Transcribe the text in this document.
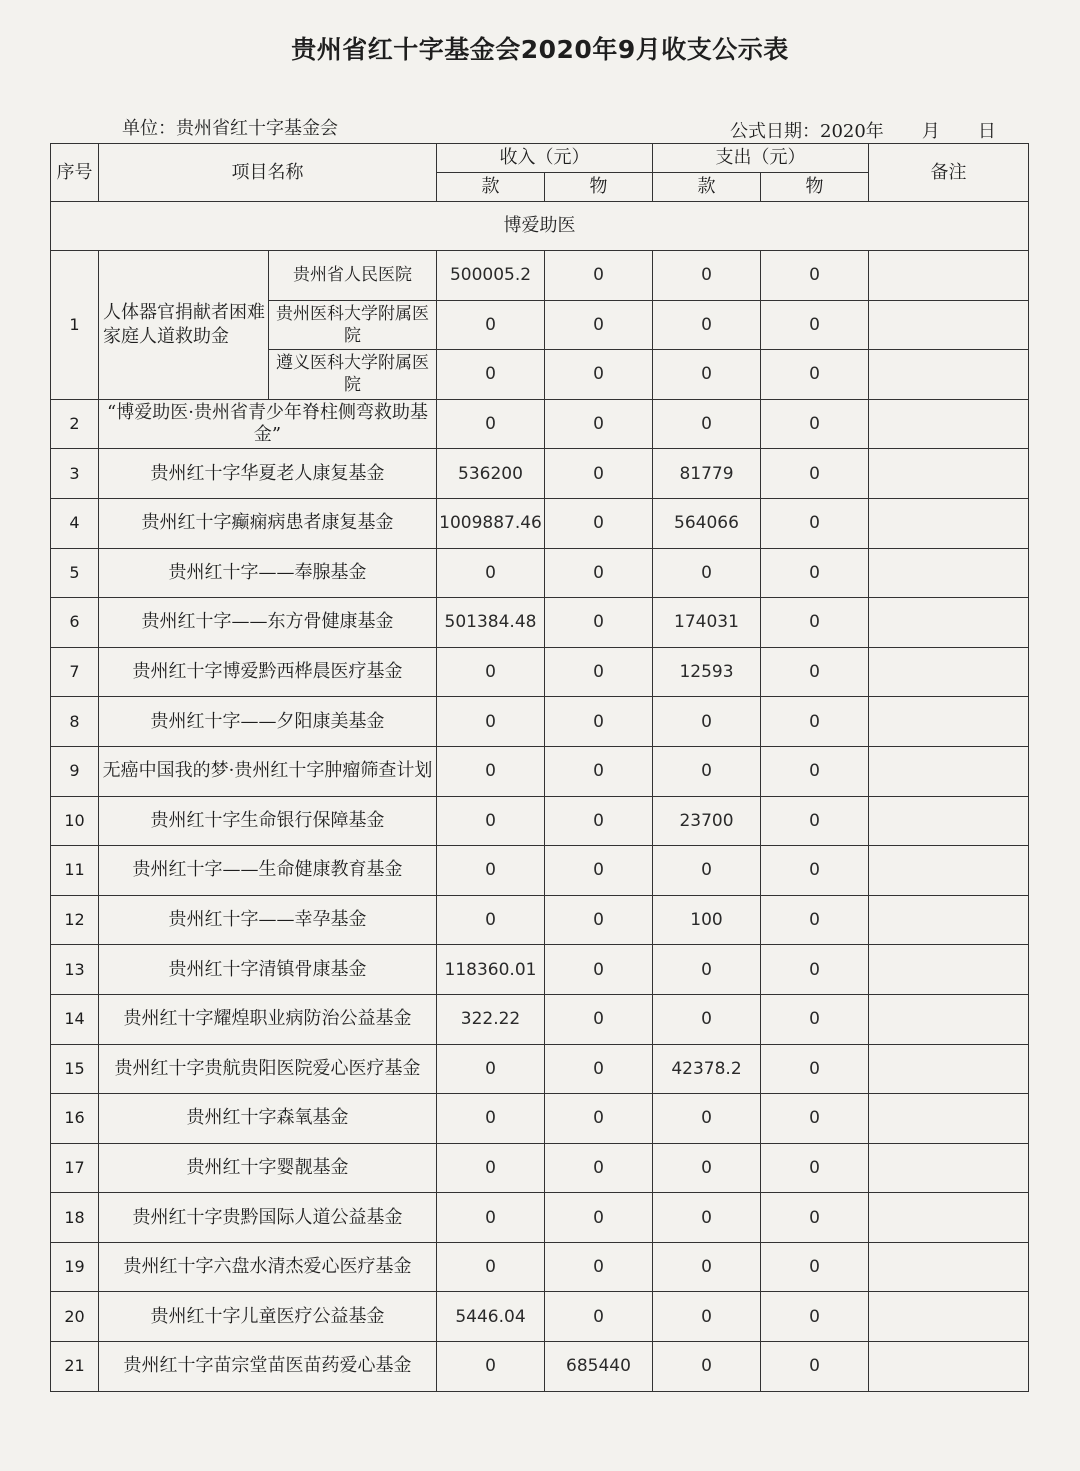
贵州省红十字基金会2020年9月收支公示表
单位：贵州省红十字基金会	公式日期：2020年 月 日
序号	项目名称		收入（元）		支出（元）		备注
			款	物	款	物	
博爱助医							
1	人体器官捐献者困难家庭人道救助金	贵州省人民医院	500005.2	0	0	0	
		贵州医科大学附属医院	0	0	0	0	
		遵义医科大学附属医院	0	0	0	0	
2	“博爱助医·贵州省青少年脊柱侧弯救助基金”		0	0	0	0	
3	贵州红十字华夏老人康复基金		536200	0	81779	0	
4	贵州红十字癫痫病患者康复基金		1009887.46	0	564066	0	
5	贵州红十字——奉腺基金		0	0	0	0	
6	贵州红十字——东方骨健康基金		501384.48	0	174031	0	
7	贵州红十字博爱黔西桦晨医疗基金		0	0	12593	0	
8	贵州红十字——夕阳康美基金		0	0	0	0	
9	无癌中国我的梦·贵州红十字肿瘤筛查计划		0	0	0	0	
10	贵州红十字生命银行保障基金		0	0	23700	0	
11	贵州红十字——生命健康教育基金		0	0	0	0	
12	贵州红十字——幸孕基金		0	0	100	0	
13	贵州红十字清镇骨康基金		118360.01	0	0	0	
14	贵州红十字耀煌职业病防治公益基金		322.22	0	0	0	
15	贵州红十字贵航贵阳医院爱心医疗基金		0	0	42378.2	0	
16	贵州红十字森氧基金		0	0	0	0	
17	贵州红十字婴靓基金		0	0	0	0	
18	贵州红十字贵黔国际人道公益基金		0	0	0	0	
19	贵州红十字六盘水清杰爱心医疗基金		0	0	0	0	
20	贵州红十字儿童医疗公益基金		5446.04	0	0	0	
21	贵州红十字苗宗堂苗医苗药爱心基金		0	685440	0	0	
